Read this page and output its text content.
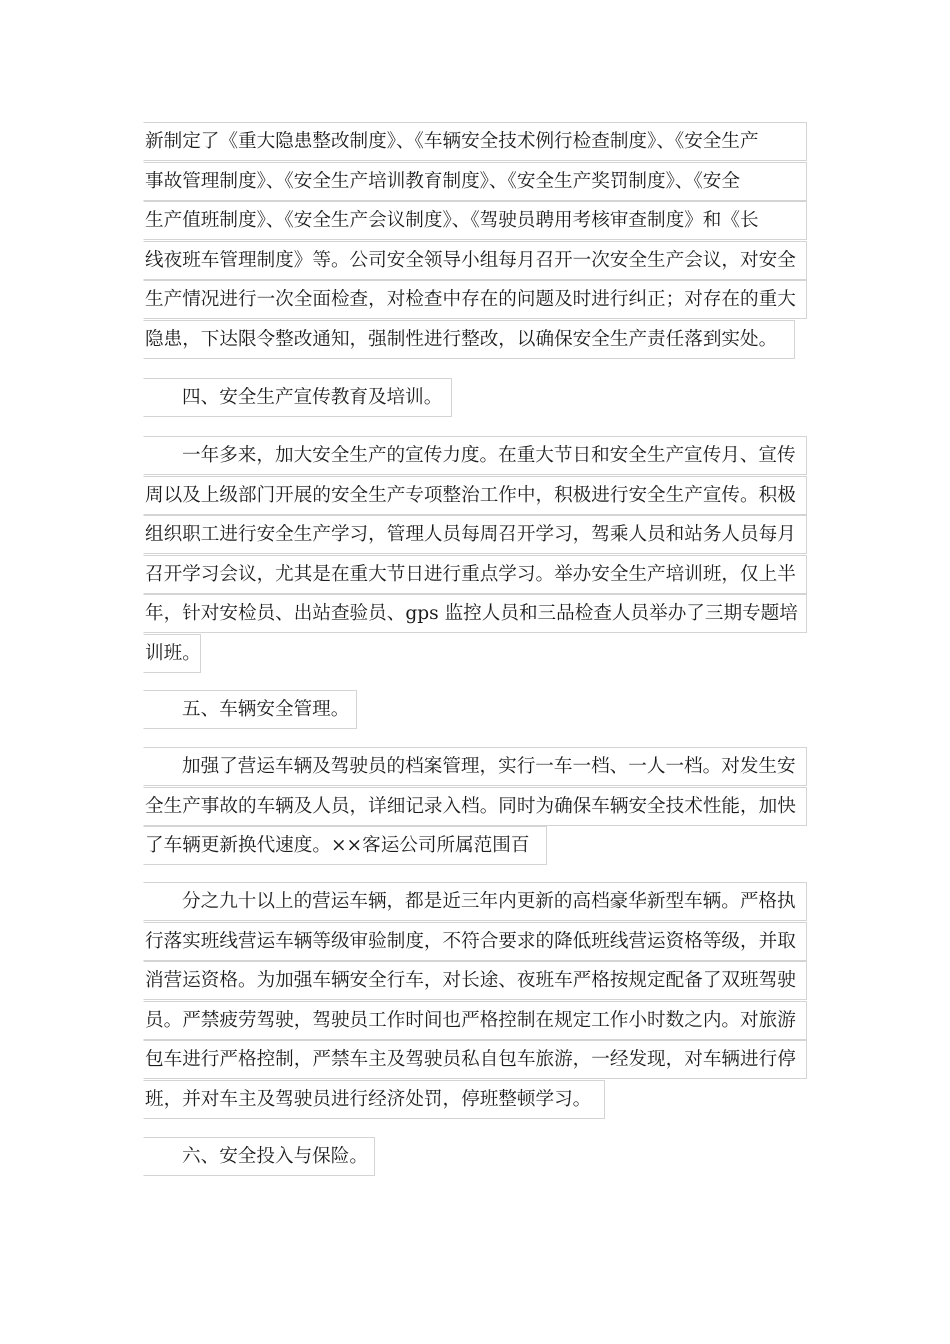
新制定了《重大隐患整改制度》、《车辆安全技术例行检查制度》、《安全生产
事故管理制度》、《安全生产培训教育制度》、《安全生产奖罚制度》、《安全
生产值班制度》、《安全生产会议制度》、《驾驶员聘用考核审查制度》和《长
线夜班车管理制度》等。公司安全领导小组每月召开一次安全生产会议，对安全
生产情况进行一次全面检查，对检查中存在的问题及时进行纠正；对存在的重大
隐患，下达限令整改通知，强制性进行整改，以确保安全生产责任落到实处。
四、安全生产宣传教育及培训。
一年多来，加大安全生产的宣传力度。在重大节日和安全生产宣传月、宣传
周以及上级部门开展的安全生产专项整治工作中，积极进行安全生产宣传。积极
组织职工进行安全生产学习，管理人员每周召开学习，驾乘人员和站务人员每月
召开学习会议，尤其是在重大节日进行重点学习。举办安全生产培训班，仅上半
年，针对安检员、出站查验员、gps 监控人员和三品检查人员举办了三期专题培
训班。
五、车辆安全管理。
加强了营运车辆及驾驶员的档案管理，实行一车一档、一人一档。对发生安
全生产事故的车辆及人员，详细记录入档。同时为确保车辆安全技术性能，加快
了车辆更新换代速度。××客运公司所属范围百
分之九十以上的营运车辆，都是近三年内更新的高档豪华新型车辆。严格执
行落实班线营运车辆等级审验制度，不符合要求的降低班线营运资格等级，并取
消营运资格。为加强车辆安全行车，对长途、夜班车严格按规定配备了双班驾驶
员。严禁疲劳驾驶，驾驶员工作时间也严格控制在规定工作小时数之内。对旅游
包车进行严格控制，严禁车主及驾驶员私自包车旅游，一经发现，对车辆进行停
班，并对车主及驾驶员进行经济处罚，停班整顿学习。
六、安全投入与保险。
